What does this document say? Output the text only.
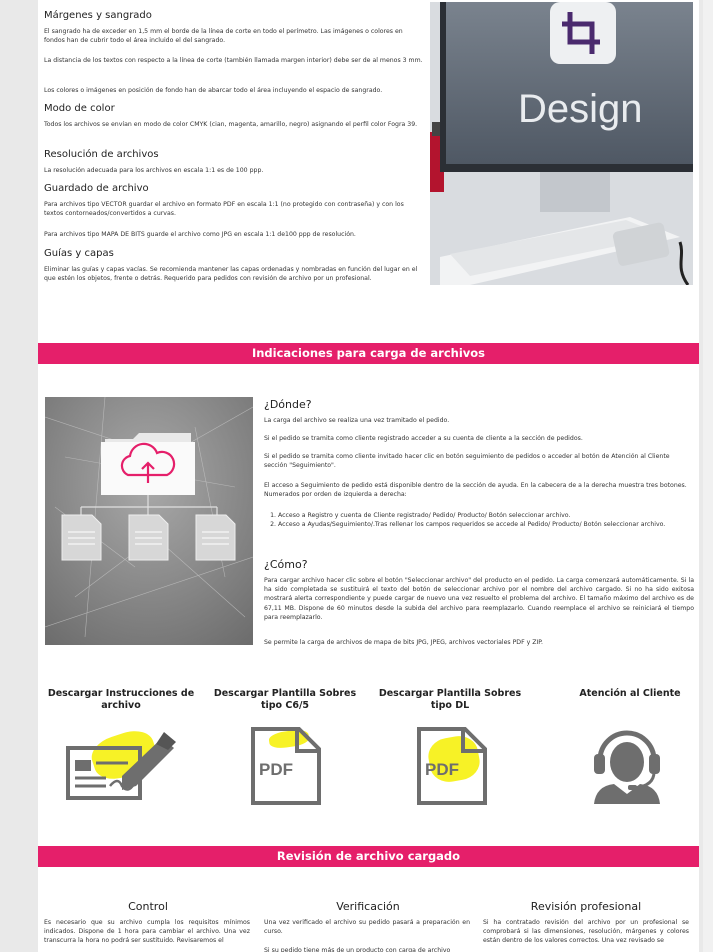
Márgenes y sangrado
El sangrado ha de exceder en 1,5 mm el borde de la línea de corte en todo el perímetro. Las imágenes o colores en fondos han de cubrir todo el área incluido el del sangrado.
La distancia de los textos con respecto a la línea de corte (también llamada margen interior) debe ser de al menos 3 mm.
Los colores o imágenes en posición de fondo han de abarcar todo el área incluyendo el espacio de sangrado.
Modo de color
Todos los archivos se envían en modo de color CMYK (cian, magenta, amarillo, negro) asignando el perfil color Fogra 39.
Resolución de archivos
La resolución adecuada para los archivos en escala 1:1 es de 100 ppp.
Guardado de archivo
Para archivos tipo VECTOR guardar el archivo en formato PDF en escala 1:1 (no protegido con contraseña) y con los textos contorneados/convertidos a curvas.
Para archivos tipo MAPA DE BITS guarde el archivo como JPG en escala 1:1 de100 ppp de resolución.
Guías y capas
Eliminar las guías y capas vacías. Se recomienda mantener las capas ordenadas y nombradas en función del lugar en el que estén los objetos, frente o detrás. Requerido para pedidos con revisión de archivo por un profesional.
Design
Indicaciones para carga de archivos
¿Dónde?
La carga del archivo se realiza una vez tramitado el pedido.
Si el pedido se tramita como cliente registrado acceder a su cuenta de cliente a la sección de pedidos.
Si el pedido se tramita como cliente invitado hacer clic en botón seguimiento de pedidos o acceder al botón de Atención al Cliente sección "Seguimiento".
El acceso a Seguimiento de pedido está disponible dentro de la sección de ayuda. En la cabecera de a la derecha muestra tres botones. Numerados por orden de izquierda a derecha:
1. Acceso a Registro y cuenta de Cliente registrado/ Pedido/ Producto/ Botón seleccionar archivo.
2. Acceso a Ayudas/Seguimiento/.Tras rellenar los campos requeridos se accede al Pedido/ Producto/ Botón seleccionar archivo.
¿Cómo?
Para cargar archivo hacer clic sobre el botón "Seleccionar archivo" del producto en el pedido. La carga comenzará automáticamente. Si la ha sido completada se sustituirá el texto del botón de seleccionar archivo por el nombre del archivo cargado. Si no ha sido exitosa mostrará alerta correspondiente y puede cargar de nuevo una vez resuelto el problema del archivo. El tamaño máximo del archivo es de 67,11 MB. Dispone de 60 minutos desde la subida del archivo para reemplazarlo. Cuando reemplace el archivo se reiniciará el tiempo para reemplazarlo.
Se permite la carga de archivos de mapa de bits JPG, JPEG, archivos vectoriales PDF y ZIP.
Descargar Instrucciones de archivo
Descargar Plantilla Sobres tipo C6/5
Descargar Plantilla Sobres tipo DL
Atención al Cliente
PDF	PDF
Revisión de archivo cargado
Control
Es necesario que su archivo cumpla los requisitos mínimos indicados. Dispone de 1 hora para cambiar el archivo. Una vez transcurra la hora no podrá ser sustituido. Revisaremos el
Verificación
Una vez verificado el archivo su pedido pasará a preparación en curso.
Si su pedido tiene más de un producto con carga de archivo
Revisión profesional
Si ha contratado revisión del archivo por un profesional se comprobará si las dimensiones, resolución, márgenes y colores están dentro de los valores correctos. Una vez revisado se
